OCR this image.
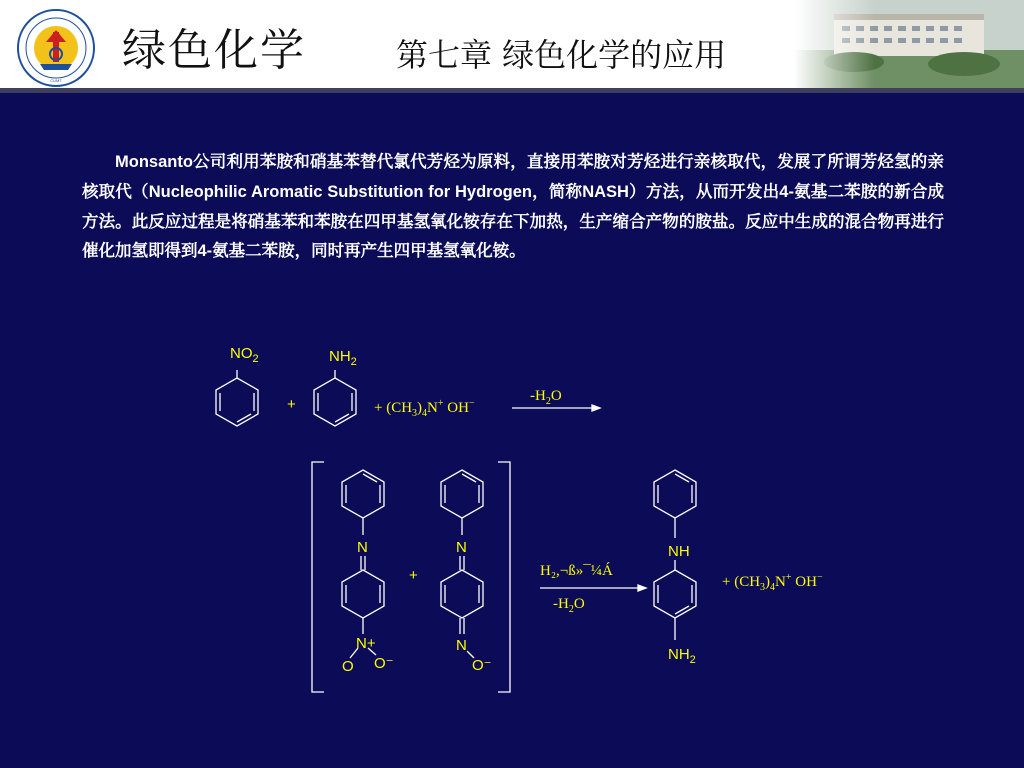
CUMT
绿色化学	第七章 绿色化学的应用
Monsanto公司利用苯胺和硝基苯替代氯代芳烃为原料，直接用苯胺对芳烃进行亲核取代，发展了所谓芳烃氢的亲核取代（Nucleophilic Aromatic Substitution for Hydrogen，简称NASH）方法，从而开发出4-氨基二苯胺的新合成方法。此反应过程是将硝基苯和苯胺在四甲基氢氧化铵存在下加热，生产缩合产物的胺盐。反应中生成的混合物再进行催化加氢即得到4-氨基二苯胺，同时再产生四甲基氢氧化铵。
$NO_2$	$NH_2$
+	+ $(CH_3)_4N^+$ OH−	$-H_2O$
H₂,¬ß»¯¼Á
$-H_2O$
+ $(CH_3)_4N^+$ OH−
N
N+
O O⁻
+
N
N
O⁻
NH
$NH_2$
